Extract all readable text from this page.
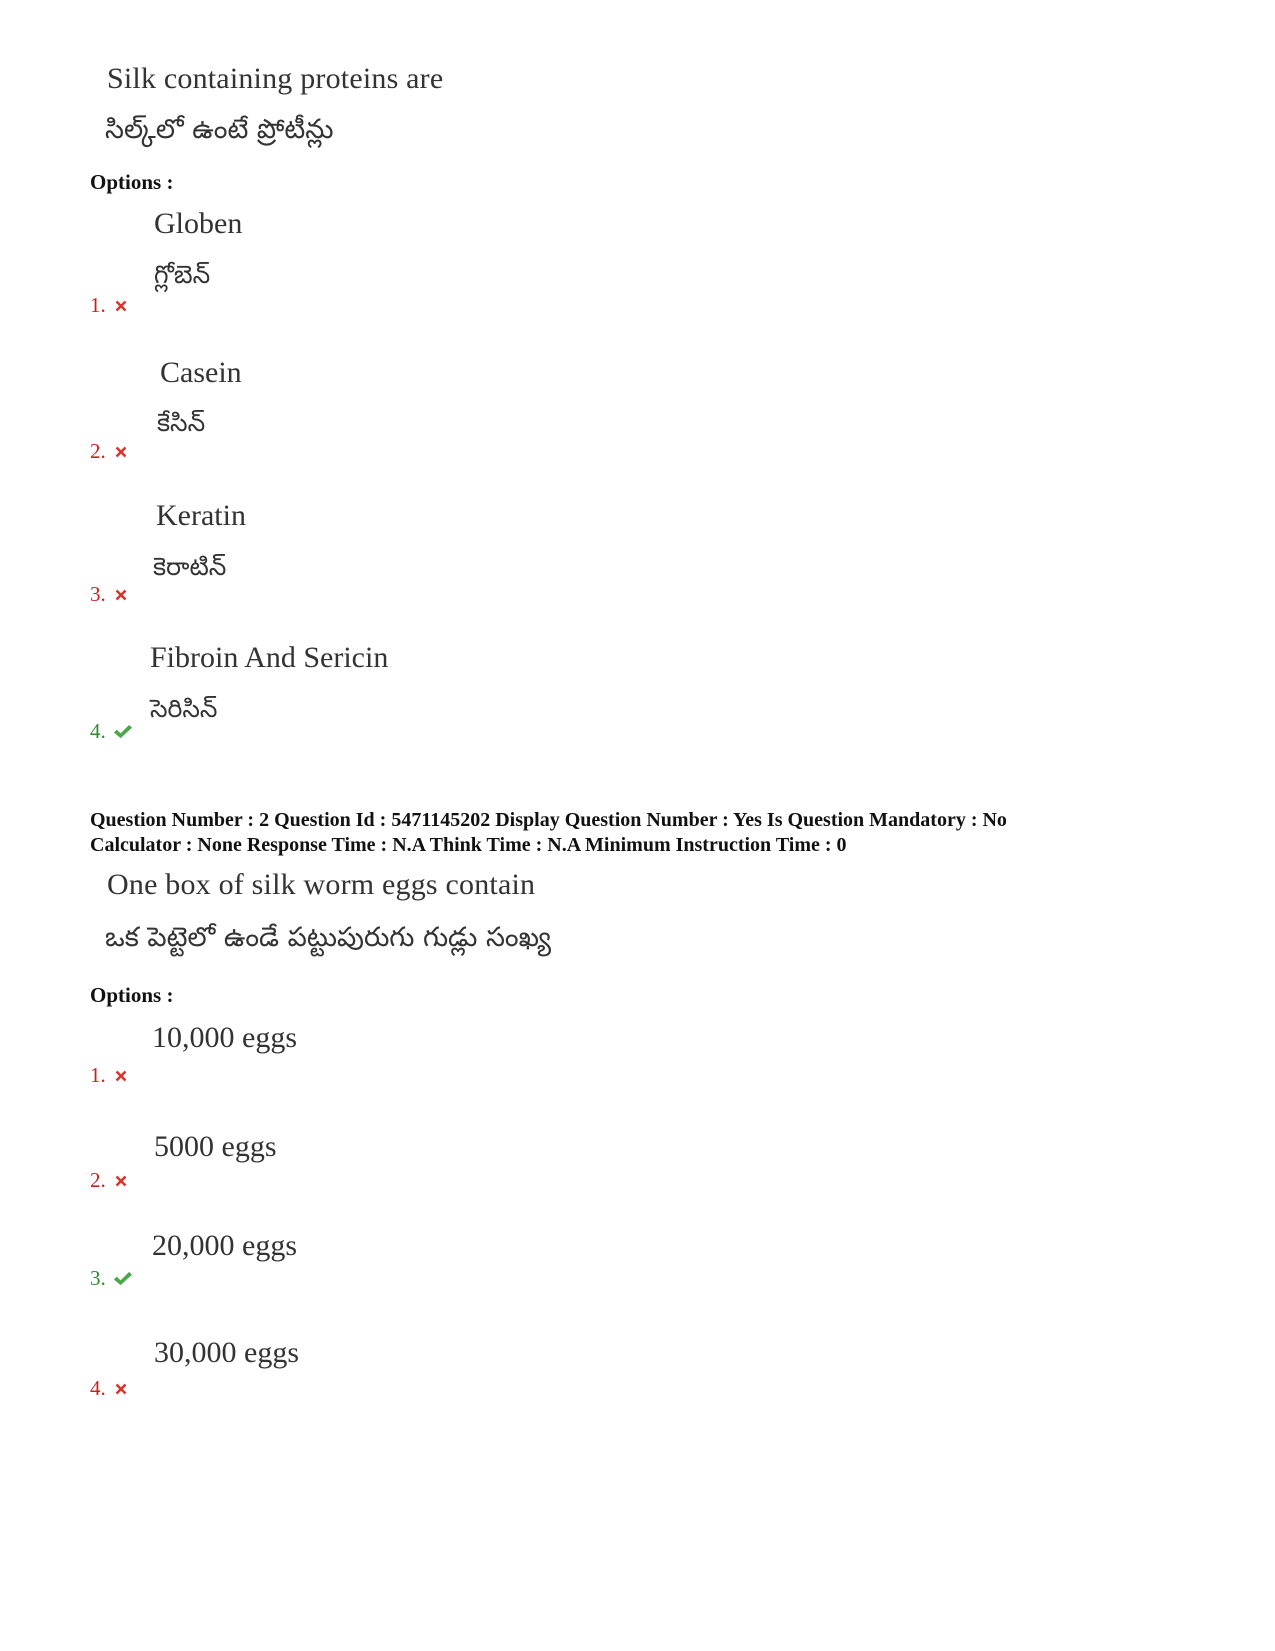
Silk containing proteins are
సిల్క్‌లో ఉంటే ప్రోటీన్లు
Options :
Globen
గ్లోబెన్
1.
Casein
కేసిన్
2.
Keratin
కెరాటిన్
3.
Fibroin And Sericin
సెరిసిన్
4.
Question Number : 2 Question Id : 5471145202 Display Question Number : Yes Is Question Mandatory : No
Calculator : None Response Time : N.A Think Time : N.A Minimum Instruction Time : 0
One box of silk worm eggs contain
ఒక పెట్టెలో ఉండే పట్టుపురుగు గుడ్లు సంఖ్య
Options :
10,000 eggs
1.
5000 eggs
2.
20,000 eggs
3.
30,000 eggs
4.
